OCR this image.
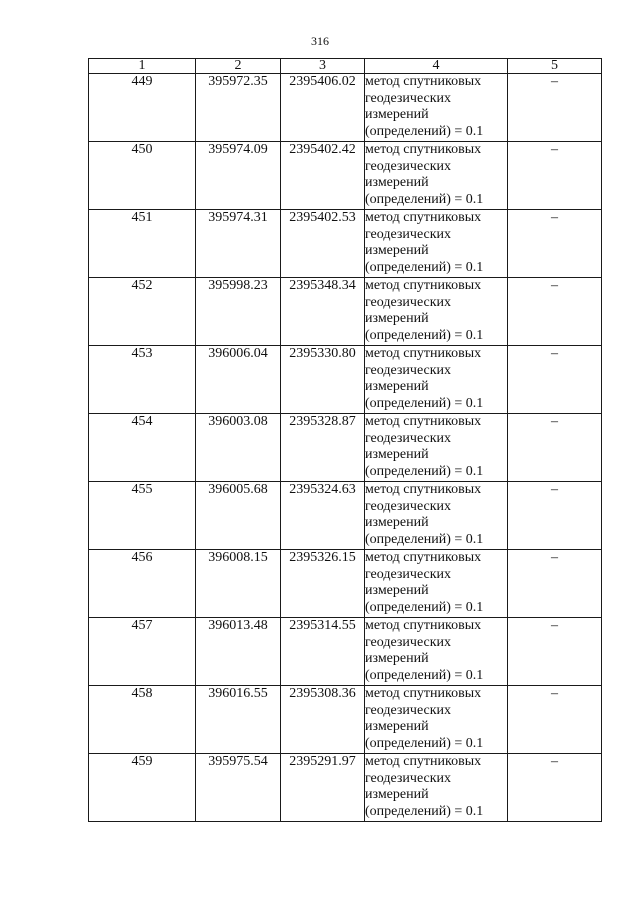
316
1	2	3	4	5
449	395972.35	2395406.02	метод спутниковых
геодезических
измерений
(определений) = 0.1	–
450	395974.09	2395402.42	метод спутниковых
геодезических
измерений
(определений) = 0.1	–
451	395974.31	2395402.53	метод спутниковых
геодезических
измерений
(определений) = 0.1	–
452	395998.23	2395348.34	метод спутниковых
геодезических
измерений
(определений) = 0.1	–
453	396006.04	2395330.80	метод спутниковых
геодезических
измерений
(определений) = 0.1	–
454	396003.08	2395328.87	метод спутниковых
геодезических
измерений
(определений) = 0.1	–
455	396005.68	2395324.63	метод спутниковых
геодезических
измерений
(определений) = 0.1	–
456	396008.15	2395326.15	метод спутниковых
геодезических
измерений
(определений) = 0.1	–
457	396013.48	2395314.55	метод спутниковых
геодезических
измерений
(определений) = 0.1	–
458	396016.55	2395308.36	метод спутниковых
геодезических
измерений
(определений) = 0.1	–
459	395975.54	2395291.97	метод спутниковых
геодезических
измерений
(определений) = 0.1	–
